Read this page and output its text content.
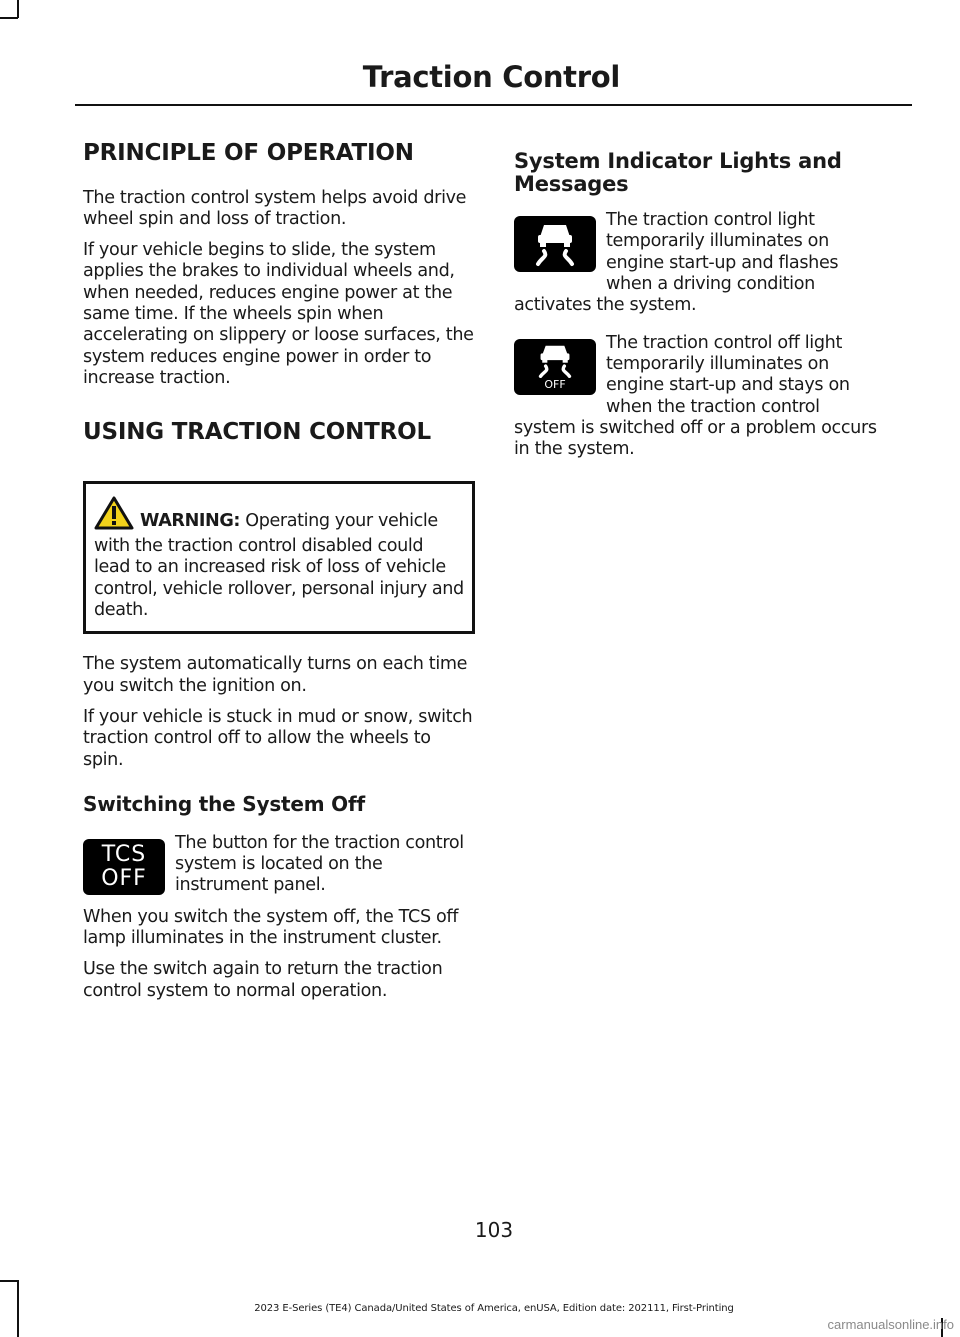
Traction Control
PRINCIPLE OF OPERATION

The traction control system helps avoid drive wheel spin and loss of traction.

If your vehicle begins to slide, the system applies the brakes to individual wheels and, when needed, reduces engine power at the same time. If the wheels spin when accelerating on slippery or loose surfaces, the system reduces engine power in order to increase traction.

USING TRACTION CONTROL

WARNING: Operating your vehicle with the traction control disabled could lead to an increased risk of loss of vehicle control, vehicle rollover, personal injury and death.

The system automatically turns on each time you switch the ignition on.

If your vehicle is stuck in mud or snow, switch traction control off to allow the wheels to spin.

Switching the System Off
TCS
OFF

The button for the traction control system is located on the instrument panel.

When you switch the system off, the TCS off lamp illuminates in the instrument cluster.

Use the switch again to return the traction control system to normal operation.

System Indicator Lights and Messages

The traction control light temporarily illuminates on engine start-up and flashes when a driving condition activates the system.

OFF

The traction control off light temporarily illuminates on engine start-up and stays on when the traction control system is switched off or a problem occurs in the system.

103
2023 E-Series (TE4) Canada/United States of America, enUSA, Edition date: 202111, First-Printing
carmanualsonline.info
